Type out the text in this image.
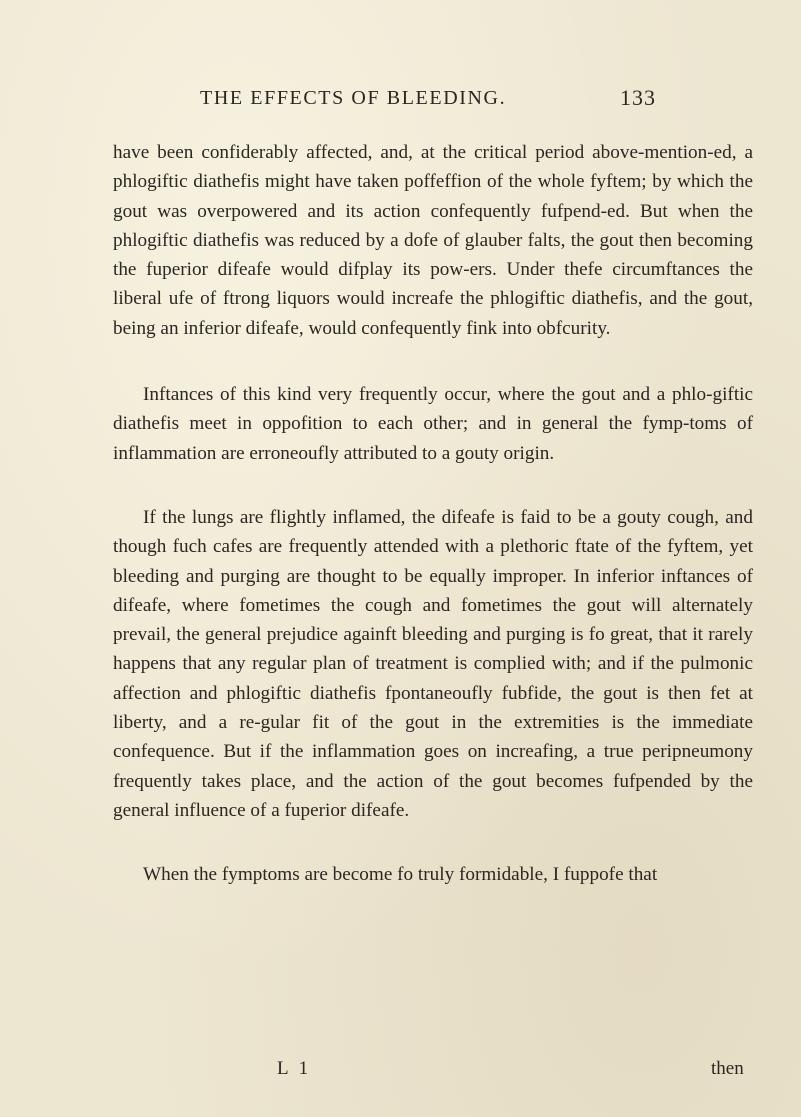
THE EFFECTS OF BLEEDING.	133

have been confiderably affected, and, at the critical period above-mention-ed, a phlogiftic diathefis might have taken poffeffion of the whole fyftem; by which the gout was overpowered and its action confequently fufpend-ed. But when the phlogiftic diathefis was reduced by a dofe of glauber falts, the gout then becoming the fuperior difeafe would difplay its pow-ers. Under thefe circumftances the liberal ufe of ftrong liquors would increafe the phlogiftic diathefis, and the gout, being an inferior difeafe, would confequently fink into obfcurity.

Inftances of this kind very frequently occur, where the gout and a phlo-giftic diathefis meet in oppofition to each other; and in general the fymp-toms of inflammation are erroneoufly attributed to a gouty origin.

If the lungs are flightly inflamed, the difeafe is faid to be a gouty cough, and though fuch cafes are frequently attended with a plethoric ftate of the fyftem, yet bleeding and purging are thought to be equally improper. In inferior inftances of difeafe, where fometimes the cough and fometimes the gout will alternately prevail, the general prejudice againft bleeding and purging is fo great, that it rarely happens that any regular plan of treatment is complied with; and if the pulmonic affection and phlogiftic diathefis fpontaneoufly fubfide, the gout is then fet at liberty, and a re-gular fit of the gout in the extremities is the immediate confequence. But if the inflammation goes on increafing, a true peripneumony frequently takes place, and the action of the gout becomes fufpended by the general influence of a fuperior difeafe.

When the fymptoms are become fo truly formidable, I fuppofe that

L 1	then
